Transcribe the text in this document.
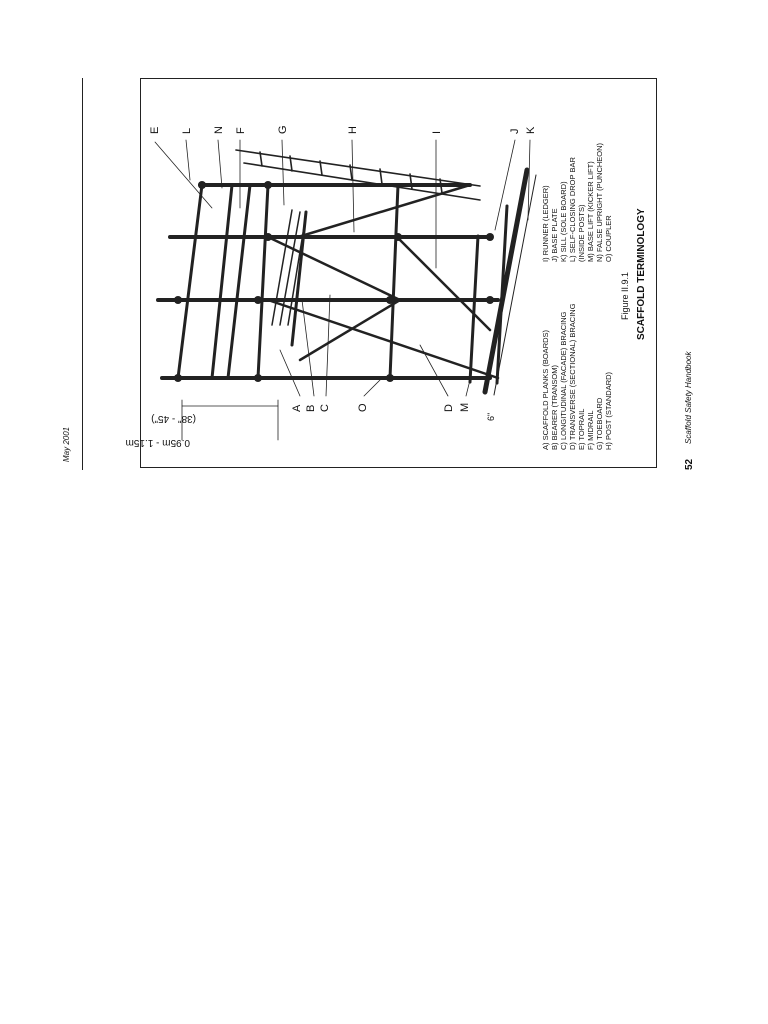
May 2001	0.95m - 1.15m
(38" - 45")	6"
A B C O	D M
E L N F	G	H	I	J K
A) SCAFFOLD PLANKS (BOARDS) B) BEARER (TRANSOM) C) LONGITUDINAL (FACADE) BRACING D) TRANSVERSE (SECTIONAL) BRACING E) TOPRAIL F) MIDRAIL G) TOEBOARD H) POST (STANDARD)
I) RUNNER (LEDGER) J) BASE PLATE K) SILL (SOLE BOARD) L) SELF-CLOSING DROP BAR (INSIDE POSTS) M) BASE LIFT (KICKER LIFT) N) FALSE UPRIGHT (PUNCHEON) O) COUPLER
Figure II.9.1 SCAFFOLD TERMINOLOGY
52
Scaffold Safety Handbook
